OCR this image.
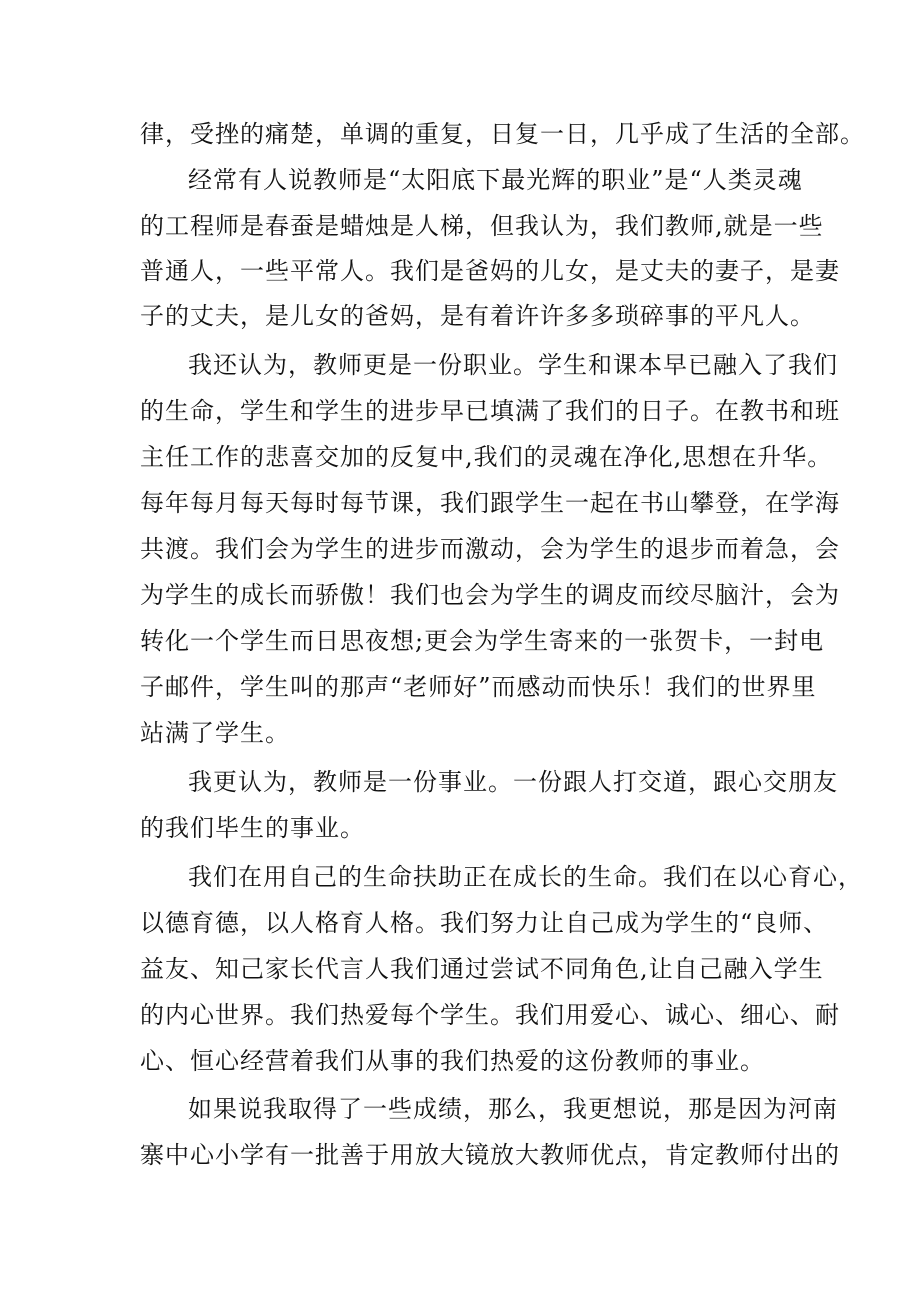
律，受挫的痛楚，单调的重复，日复一日，几乎成了生活的全部。
经常有人说教师是“太阳底下最光辉的职业”是“人类灵魂
的工程师是春蚕是蜡烛是人梯，但我认为，我们教师,就是一些
普通人，一些平常人。我们是爸妈的儿女，是丈夫的妻子，是妻
子的丈夫，是儿女的爸妈，是有着许许多多琐碎事的平凡人。
我还认为，教师更是一份职业。学生和课本早已融入了我们
的生命，学生和学生的进步早已填满了我们的日子。在教书和班
主任工作的悲喜交加的反复中,我们的灵魂在净化,思想在升华。
每年每月每天每时每节课，我们跟学生一起在书山攀登，在学海
共渡。我们会为学生的进步而激动，会为学生的退步而着急，会
为学生的成长而骄傲！我们也会为学生的调皮而绞尽脑汁，会为
转化一个学生而日思夜想;更会为学生寄来的一张贺卡，一封电
子邮件，学生叫的那声“老师好”而感动而快乐！我们的世界里
站满了学生。
我更认为，教师是一份事业。一份跟人打交道，跟心交朋友
的我们毕生的事业。
我们在用自己的生命扶助正在成长的生命。我们在以心育心，
以德育德，以人格育人格。我们努力让自己成为学生的“良师、
益友、知己家长代言人我们通过尝试不同角色,让自己融入学生
的内心世界。我们热爱每个学生。我们用爱心、诚心、细心、耐
心、恒心经营着我们从事的我们热爱的这份教师的事业。
如果说我取得了一些成绩，那么，我更想说，那是因为河南
寨中心小学有一批善于用放大镜放大教师优点，肯定教师付出的
